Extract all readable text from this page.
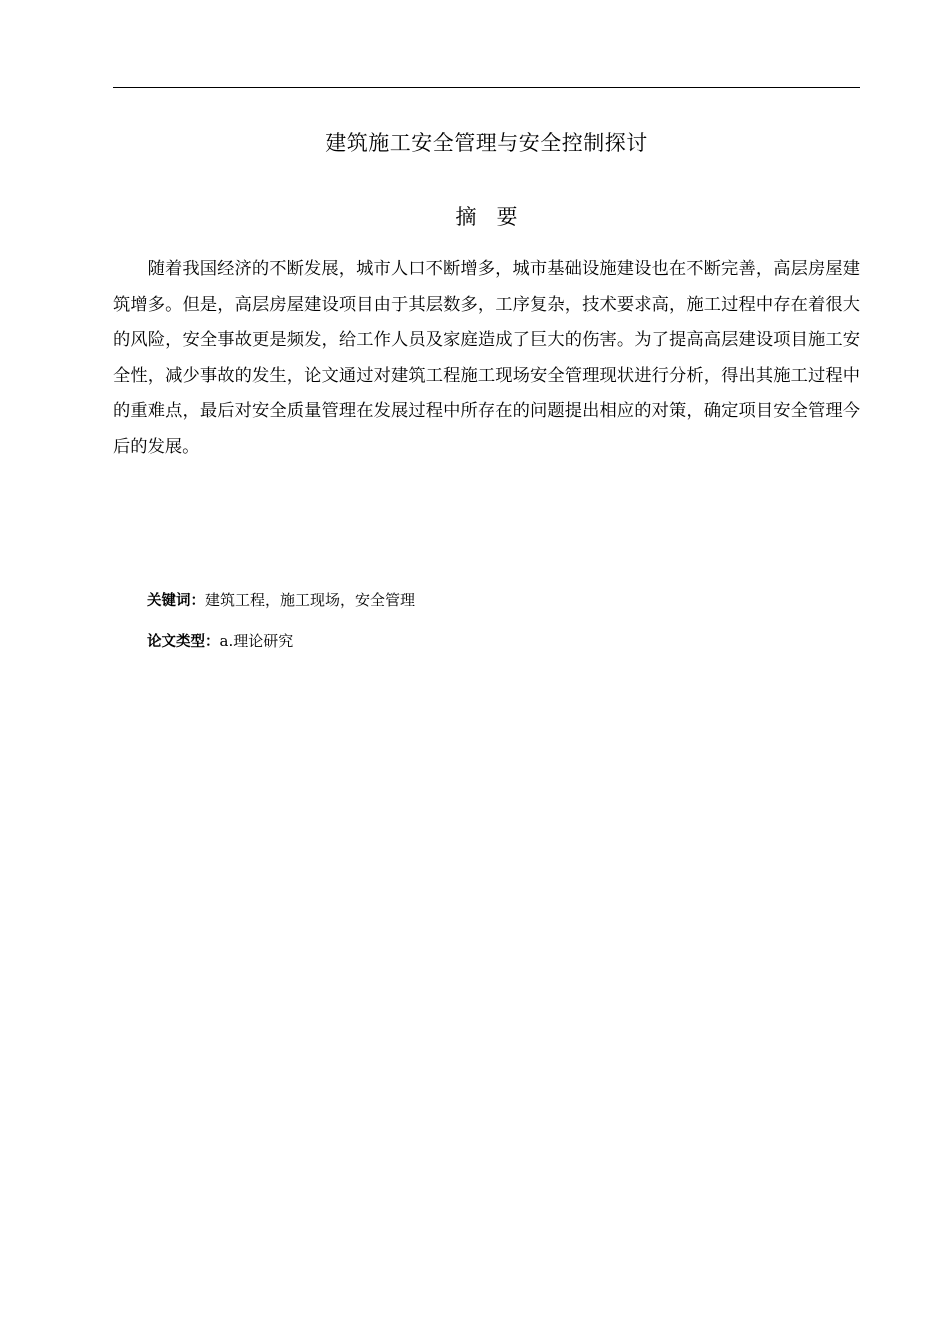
建筑施工安全管理与安全控制探讨
摘要

随着我国经济的不断发展，城市人口不断增多，城市基础设施建设也在不断完善，高层房屋建筑增多。但是，高层房屋建设项目由于其层数多，工序复杂，技术要求高，施工过程中存在着很大的风险，安全事故更是频发，给工作人员及家庭造成了巨大的伤害。为了提高高层建设项目施工安全性，减少事故的发生，论文通过对建筑工程施工现场安全管理现状进行分析，得出其施工过程中的重难点，最后对安全质量管理在发展过程中所存在的问题提出相应的对策，确定项目安全管理今后的发展。

关键词：建筑工程，施工现场，安全管理
论文类型：a.理论研究
